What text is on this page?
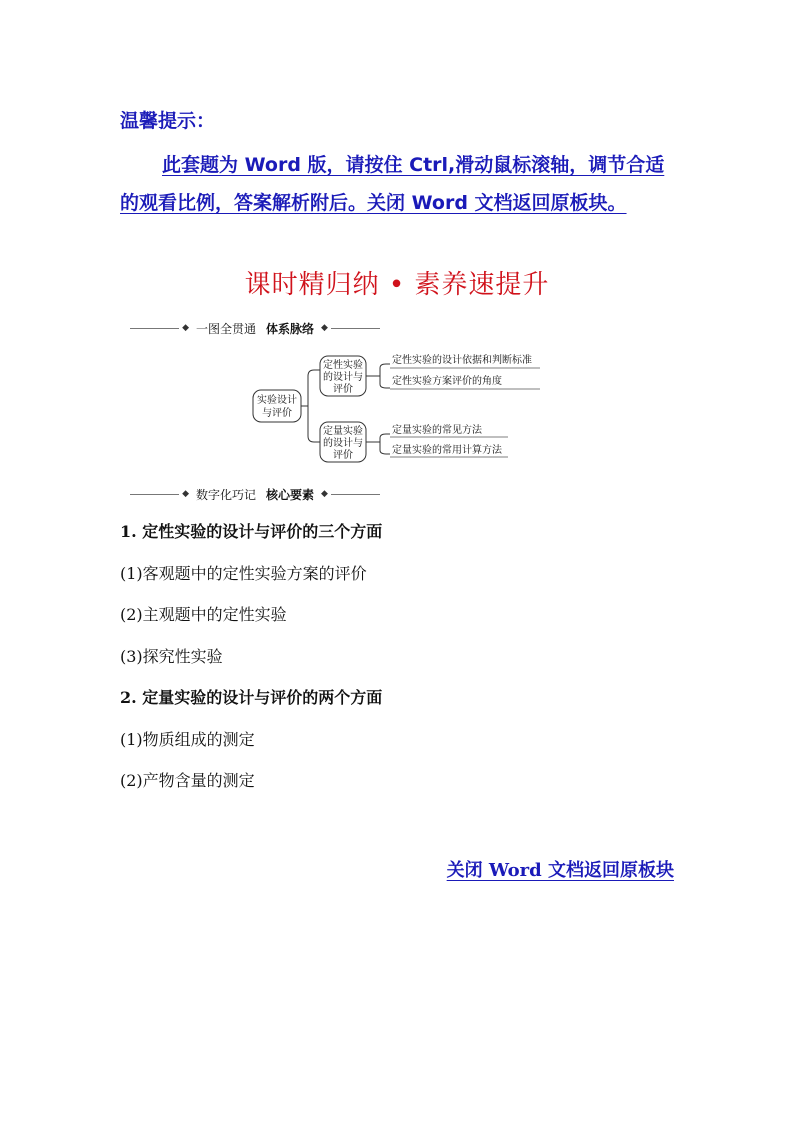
温馨提示：
此套题为 Word 版，请按住 Ctrl,滑动鼠标滚轴，调节合适的观看比例，答案解析附后。关闭 Word 文档返回原板块。
课时精归纳 • 素养速提升
◆ 一图全贯通 体系脉络 ◆
实验设计
与评价
定性实验
的设计与
评价
定性实验的设计依据和判断标准
定性实验方案评价的角度
定量实验
的设计与
评价
定量实验的常见方法
定量实验的常用计算方法
◆ 数字化巧记 核心要素 ◆
1. 定性实验的设计与评价的三个方面
(1)客观题中的定性实验方案的评价
(2)主观题中的定性实验
(3)探究性实验
2. 定量实验的设计与评价的两个方面
(1)物质组成的测定
(2)产物含量的测定
关闭 Word 文档返回原板块
